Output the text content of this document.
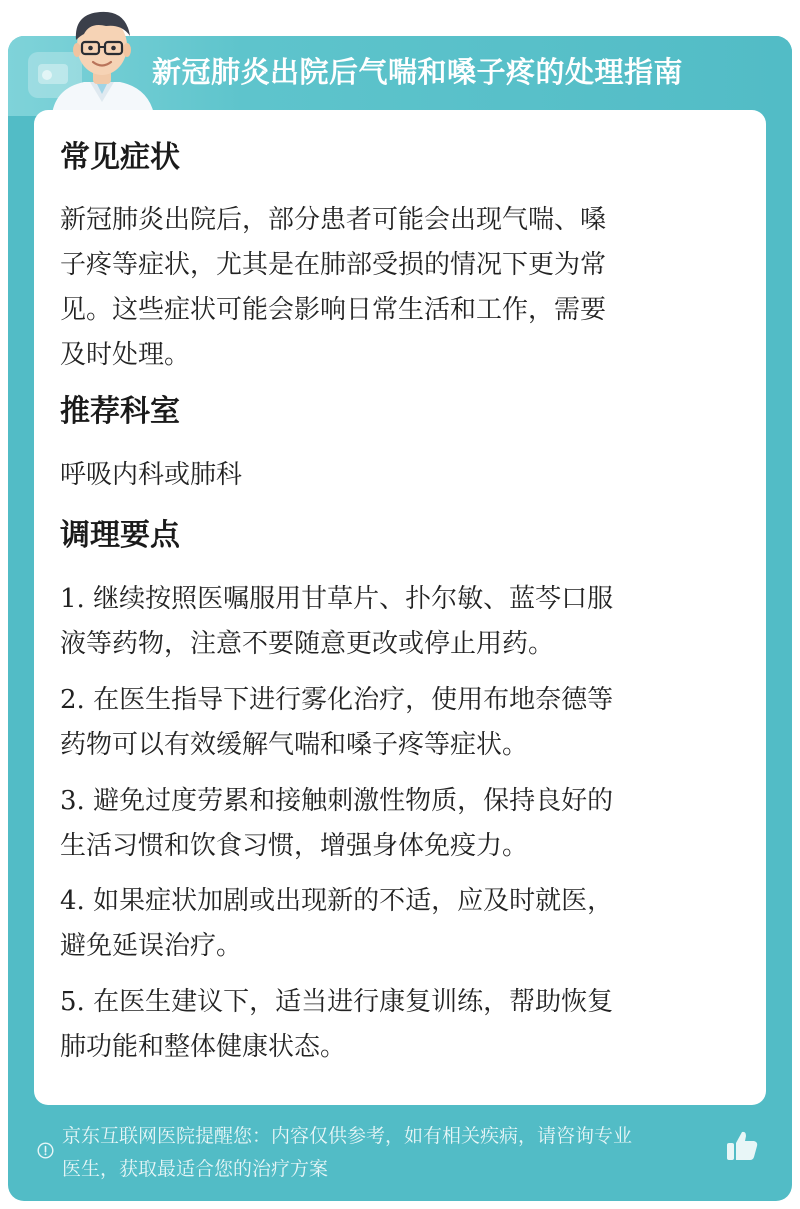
新冠肺炎出院后气喘和嗓子疼的处理指南
常见症状
新冠肺炎出院后，部分患者可能会出现气喘、嗓
子疼等症状，尤其是在肺部受损的情况下更为常
见。这些症状可能会影响日常生活和工作，需要
及时处理。
推荐科室
呼吸内科或肺科
调理要点
1. 继续按照医嘱服用甘草片、扑尔敏、蓝芩口服
液等药物，注意不要随意更改或停止用药。
2. 在医生指导下进行雾化治疗，使用布地奈德等
药物可以有效缓解气喘和嗓子疼等症状。
3. 避免过度劳累和接触刺激性物质，保持良好的
生活习惯和饮食习惯，增强身体免疫力。
4. 如果症状加剧或出现新的不适，应及时就医，
避免延误治疗。
5. 在医生建议下，适当进行康复训练，帮助恢复
肺功能和整体健康状态。
京东互联网医院提醒您：内容仅供参考，如有相关疾病，请咨询专业
医生，获取最适合您的治疗方案
